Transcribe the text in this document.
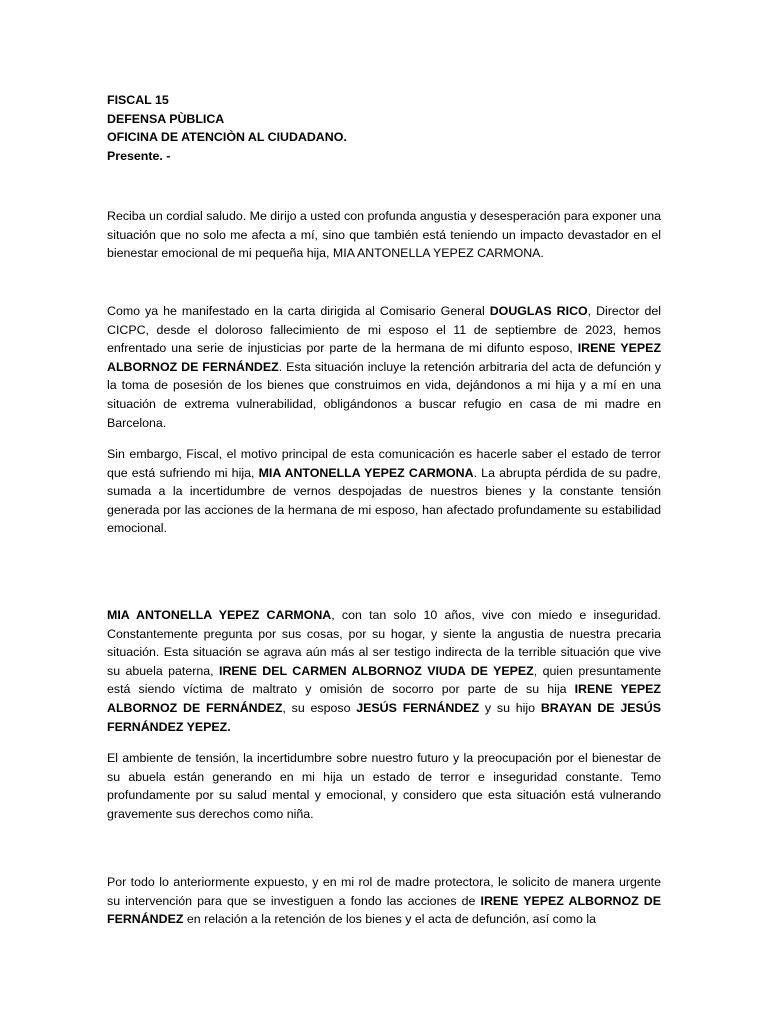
FISCAL 15
DEFENSA PÙBLICA
OFICINA DE ATENCIÒN AL CIUDADANO.
Presente. -

Reciba un cordial saludo. Me dirijo a usted con profunda angustia y desesperación para exponer una situación que no solo me afecta a mí, sino que también está teniendo un impacto devastador en el bienestar emocional de mi pequeña hija, MIA ANTONELLA YEPEZ CARMONA.

Como ya he manifestado en la carta dirigida al Comisario General DOUGLAS RICO, Director del CICPC, desde el doloroso fallecimiento de mi esposo el 11 de septiembre de 2023, hemos enfrentado una serie de injusticias por parte de la hermana de mi difunto esposo, IRENE YEPEZ ALBORNOZ DE FERNÁNDEZ. Esta situación incluye la retención arbitraria del acta de defunción y la toma de posesión de los bienes que construimos en vida, dejándonos a mi hija y a mí en una situación de extrema vulnerabilidad, obligándonos a buscar refugio en casa de mi madre en Barcelona.

Sin embargo, Fiscal, el motivo principal de esta comunicación es hacerle saber el estado de terror que está sufriendo mi hija, MIA ANTONELLA YEPEZ CARMONA. La abrupta pérdida de su padre, sumada a la incertidumbre de vernos despojadas de nuestros bienes y la constante tensión generada por las acciones de la hermana de mi esposo, han afectado profundamente su estabilidad emocional.

MIA ANTONELLA YEPEZ CARMONA, con tan solo 10 años, vive con miedo e inseguridad. Constantemente pregunta por sus cosas, por su hogar, y siente la angustia de nuestra precaria situación. Esta situación se agrava aún más al ser testigo indirecta de la terrible situación que vive su abuela paterna, IRENE DEL CARMEN ALBORNOZ VIUDA DE YEPEZ, quien presuntamente está siendo víctima de maltrato y omisión de socorro por parte de su hija IRENE YEPEZ ALBORNOZ DE FERNÁNDEZ, su esposo JESÚS FERNÁNDEZ y su hijo BRAYAN DE JESÚS FERNÁNDEZ YEPEZ.

El ambiente de tensión, la incertidumbre sobre nuestro futuro y la preocupación por el bienestar de su abuela están generando en mi hija un estado de terror e inseguridad constante. Temo profundamente por su salud mental y emocional, y considero que esta situación está vulnerando gravemente sus derechos como niña.

Por todo lo anteriormente expuesto, y en mi rol de madre protectora, le solicito de manera urgente su intervención para que se investiguen a fondo las acciones de IRENE YEPEZ ALBORNOZ DE FERNÁNDEZ en relación a la retención de los bienes y el acta de defunción, así como la
